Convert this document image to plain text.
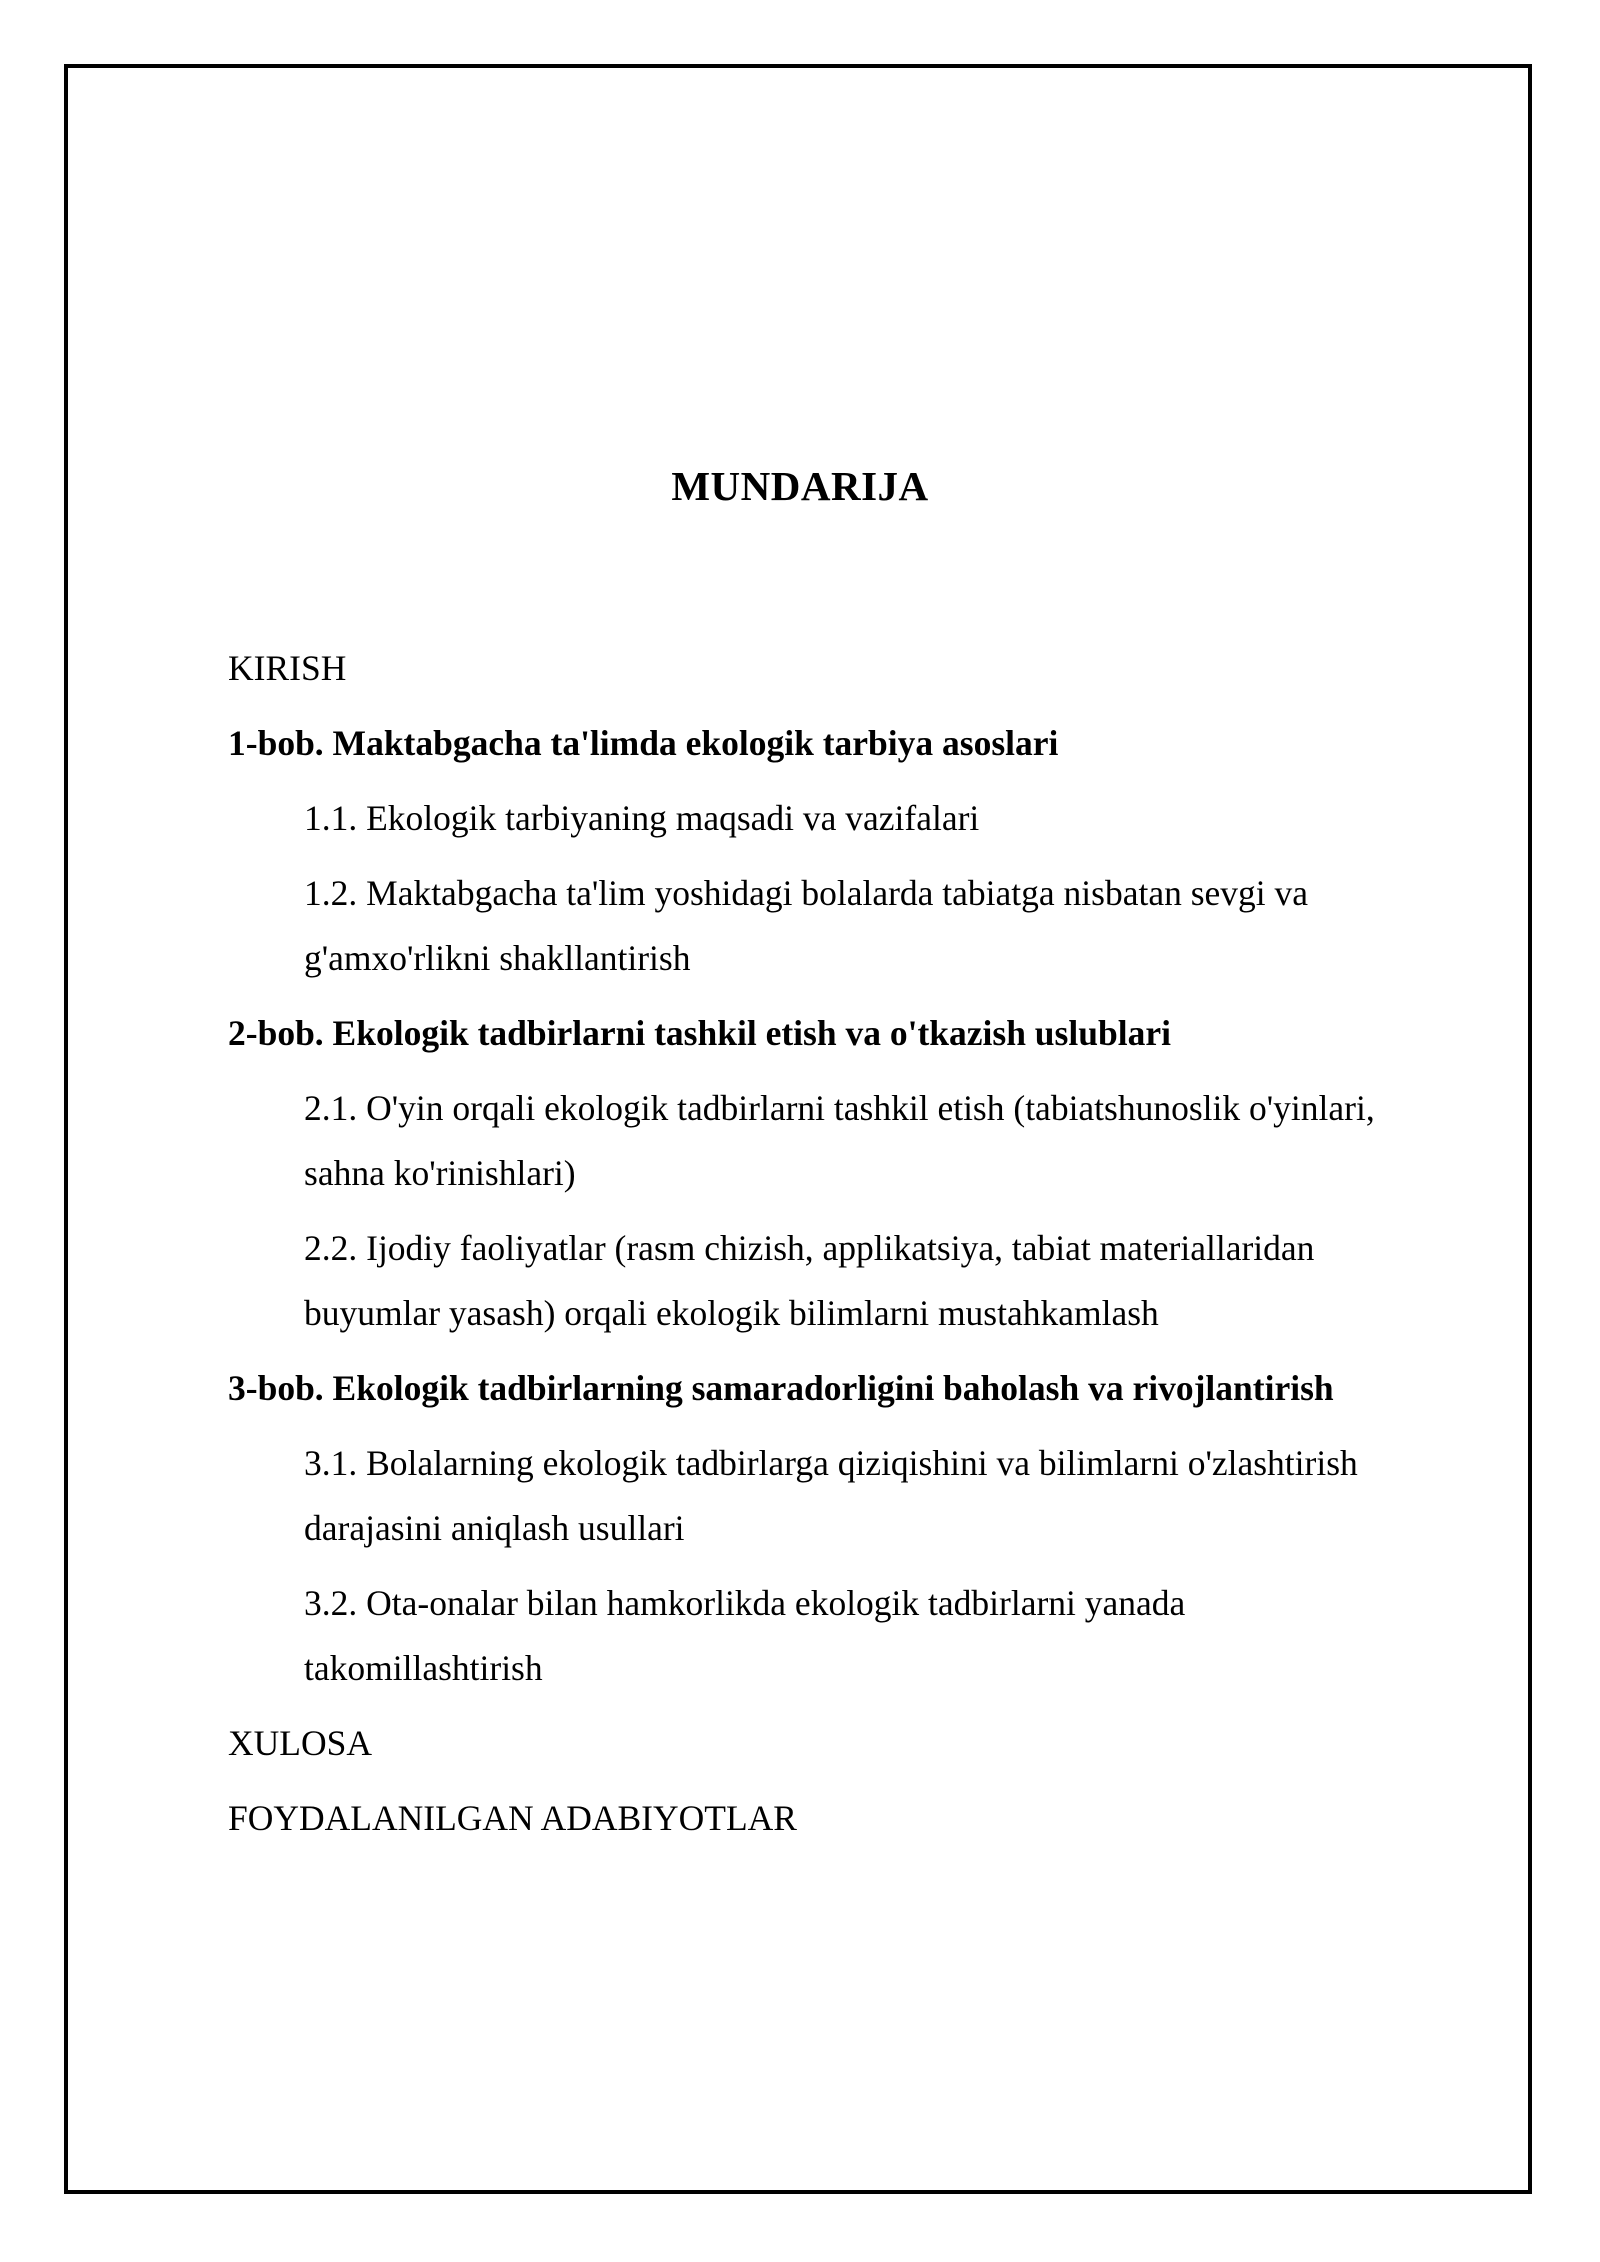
MUNDARIJA
KIRISH
1-bob. Maktabgacha ta'limda ekologik tarbiya asoslari
1.1. Ekologik tarbiyaning maqsadi va vazifalari
1.2. Maktabgacha ta'lim yoshidagi bolalarda tabiatga nisbatan sevgi va
g'amxo'rlikni shakllantirish
2-bob. Ekologik tadbirlarni tashkil etish va o'tkazish uslublari
2.1. O'yin orqali ekologik tadbirlarni tashkil etish (tabiatshunoslik o'yinlari,
sahna ko'rinishlari)
2.2. Ijodiy faoliyatlar (rasm chizish, applikatsiya, tabiat materiallaridan
buyumlar yasash) orqali ekologik bilimlarni mustahkamlash
3-bob. Ekologik tadbirlarning samaradorligini baholash va rivojlantirish
3.1. Bolalarning ekologik tadbirlarga qiziqishini va bilimlarni o'zlashtirish
darajasini aniqlash usullari
3.2. Ota-onalar bilan hamkorlikda ekologik tadbirlarni yanada
takomillashtirish
XULOSA
FOYDALANILGAN ADABIYOTLAR
